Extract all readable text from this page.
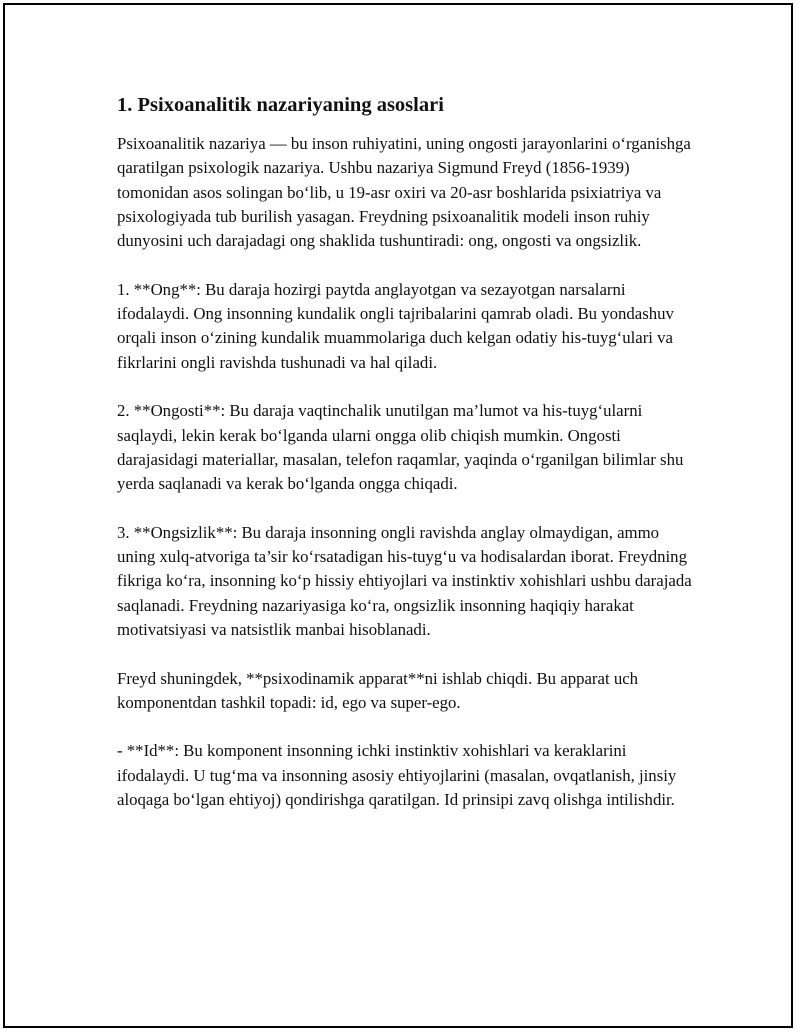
1. Psixoanalitik nazariyaning asoslari

Psixoanalitik nazariya — bu inson ruhiyatini, uning ongosti jarayonlarini o‘rganishga qaratilgan psixologik nazariya. Ushbu nazariya Sigmund Freyd (1856-1939) tomonidan asos solingan bo‘lib, u 19-asr oxiri va 20-asr boshlarida psixiatriya va psixologiyada tub burilish yasagan. Freydning psixoanalitik modeli inson ruhiy dunyosini uch darajadagi ong shaklida tushuntiradi: ong, ongosti va ongsizlik.

1. **Ong**: Bu daraja hozirgi paytda anglayotgan va sezayotgan narsalarni ifodalaydi. Ong insonning kundalik ongli tajribalarini qamrab oladi. Bu yondashuv orqali inson o‘zining kundalik muammolariga duch kelgan odatiy his-tuyg‘ulari va fikrlarini ongli ravishda tushunadi va hal qiladi.

2. **Ongosti**: Bu daraja vaqtinchalik unutilgan ma’lumot va his-tuyg‘ularni saqlaydi, lekin kerak bo‘lganda ularni ongga olib chiqish mumkin. Ongosti darajasidagi materiallar, masalan, telefon raqamlar, yaqinda o‘rganilgan bilimlar shu yerda saqlanadi va kerak bo‘lganda ongga chiqadi.

3. **Ongsizlik**: Bu daraja insonning ongli ravishda anglay olmaydigan, ammo uning xulq-atvoriga ta’sir ko‘rsatadigan his-tuyg‘u va hodisalardan iborat. Freydning fikriga ko‘ra, insonning ko‘p hissiy ehtiyojlari va instinktiv xohishlari ushbu darajada saqlanadi. Freydning nazariyasiga ko‘ra, ongsizlik insonning haqiqiy harakat motivatsiyasi va natsistlik manbai hisoblanadi.

Freyd shuningdek, **psixodinamik apparat**ni ishlab chiqdi. Bu apparat uch komponentdan tashkil topadi: id, ego va super-ego.

- **Id**: Bu komponent insonning ichki instinktiv xohishlari va keraklarini ifodalaydi. U tug‘ma va insonning asosiy ehtiyojlarini (masalan, ovqatlanish, jinsiy aloqaga bo‘lgan ehtiyoj) qondirishga qaratilgan. Id prinsipi zavq olishga intilishdir.
